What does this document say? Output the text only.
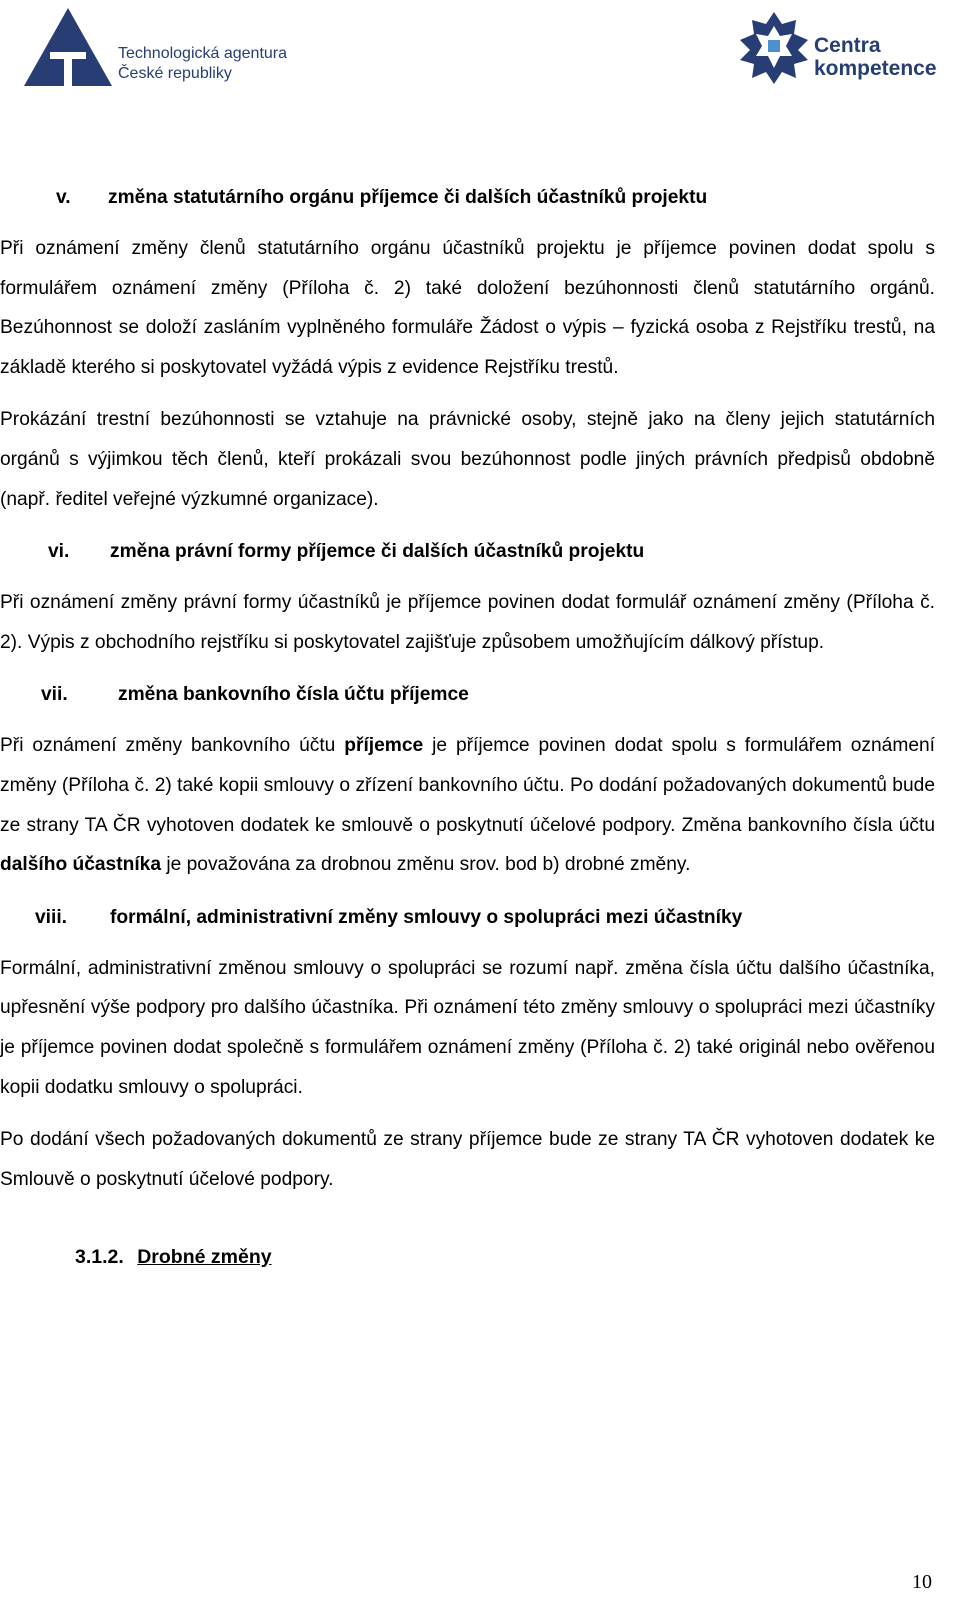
Technologická agentura
České republiky
Centra
kompetence
v.	změna statutárního orgánu příjemce či dalších účastníků projektu

Při oznámení změny členů statutárního orgánu účastníků projektu je příjemce povinen dodat spolu s formulářem oznámení změny (Příloha č. 2) také doložení bezúhonnosti členů statutárního orgánů. Bezúhonnost se doloží zasláním vyplněného formuláře Žádost o výpis – fyzická osoba z Rejstříku trestů, na základě kterého si poskytovatel vyžádá výpis z evidence Rejstříku trestů.

Prokázání trestní bezúhonnosti se vztahuje na právnické osoby, stejně jako na členy jejich statutárních orgánů s výjimkou těch členů, kteří prokázali svou bezúhonnost podle jiných právních předpisů obdobně (např. ředitel veřejné výzkumné organizace).

vi.	změna právní formy příjemce či dalších účastníků projektu

Při oznámení změny právní formy účastníků je příjemce povinen dodat formulář oznámení změny (Příloha č. 2). Výpis z obchodního rejstříku si poskytovatel zajišťuje způsobem umožňujícím dálkový přístup.

vii.	změna bankovního čísla účtu příjemce

Při oznámení změny bankovního účtu příjemce je příjemce povinen dodat spolu s formulářem oznámení změny (Příloha č. 2) také kopii smlouvy o zřízení bankovního účtu. Po dodání požadovaných dokumentů bude ze strany TA ČR vyhotoven dodatek ke smlouvě o poskytnutí účelové podpory. Změna bankovního čísla účtu dalšího účastníka je považována za drobnou změnu srov. bod b) drobné změny.

viii.	formální, administrativní změny smlouvy o spolupráci mezi účastníky

Formální, administrativní změnou smlouvy o spolupráci se rozumí např. změna čísla účtu dalšího účastníka, upřesnění výše podpory pro dalšího účastníka. Při oznámení této změny smlouvy o spolupráci mezi účastníky je příjemce povinen dodat společně s formulářem oznámení změny (Příloha č. 2) také originál nebo ověřenou kopii dodatku smlouvy o spolupráci.

Po dodání všech požadovaných dokumentů ze strany příjemce bude ze strany TA ČR vyhotoven dodatek ke Smlouvě o poskytnutí účelové podpory.

3.1.2. Drobné změny
10
